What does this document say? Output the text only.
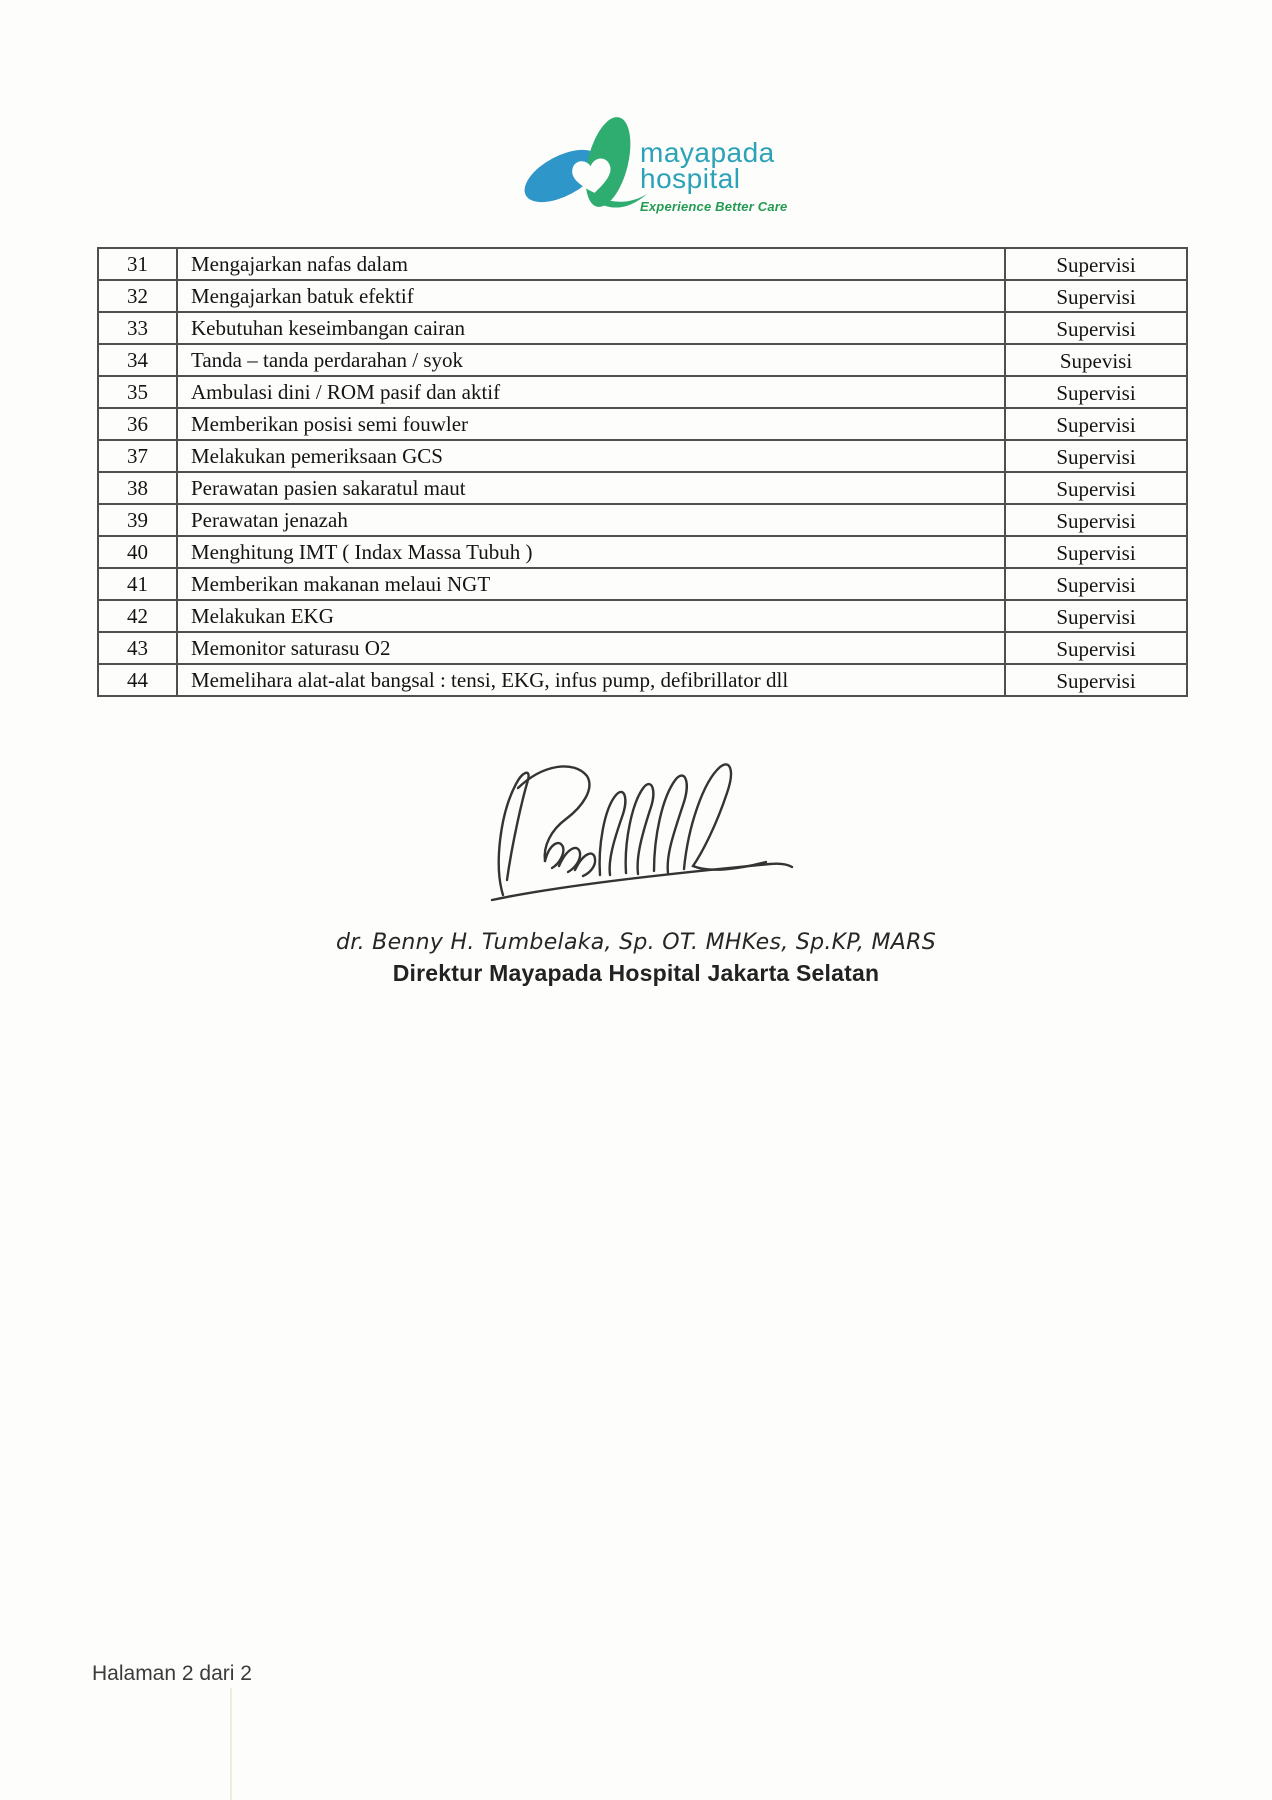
mayapada
hospital
Experience Better Care
31	Mengajarkan nafas dalam	Supervisi
32	Mengajarkan batuk efektif	Supervisi
33	Kebutuhan keseimbangan cairan	Supervisi
34	Tanda – tanda perdarahan / syok	Supevisi
35	Ambulasi dini / ROM pasif dan aktif	Supervisi
36	Memberikan posisi semi fouwler	Supervisi
37	Melakukan pemeriksaan GCS	Supervisi
38	Perawatan pasien sakaratul maut	Supervisi
39	Perawatan jenazah	Supervisi
40	Menghitung IMT ( Indax Massa Tubuh )	Supervisi
41	Memberikan makanan melaui NGT	Supervisi
42	Melakukan EKG	Supervisi
43	Memonitor saturasu O2	Supervisi
44	Memelihara alat-alat bangsal : tensi, EKG, infus pump, defibrillator dll	Supervisi
dr. Benny H. Tumbelaka, Sp. OT. MHKes, Sp.KP, MARS
Direktur Mayapada Hospital Jakarta Selatan
Halaman 2 dari 2
